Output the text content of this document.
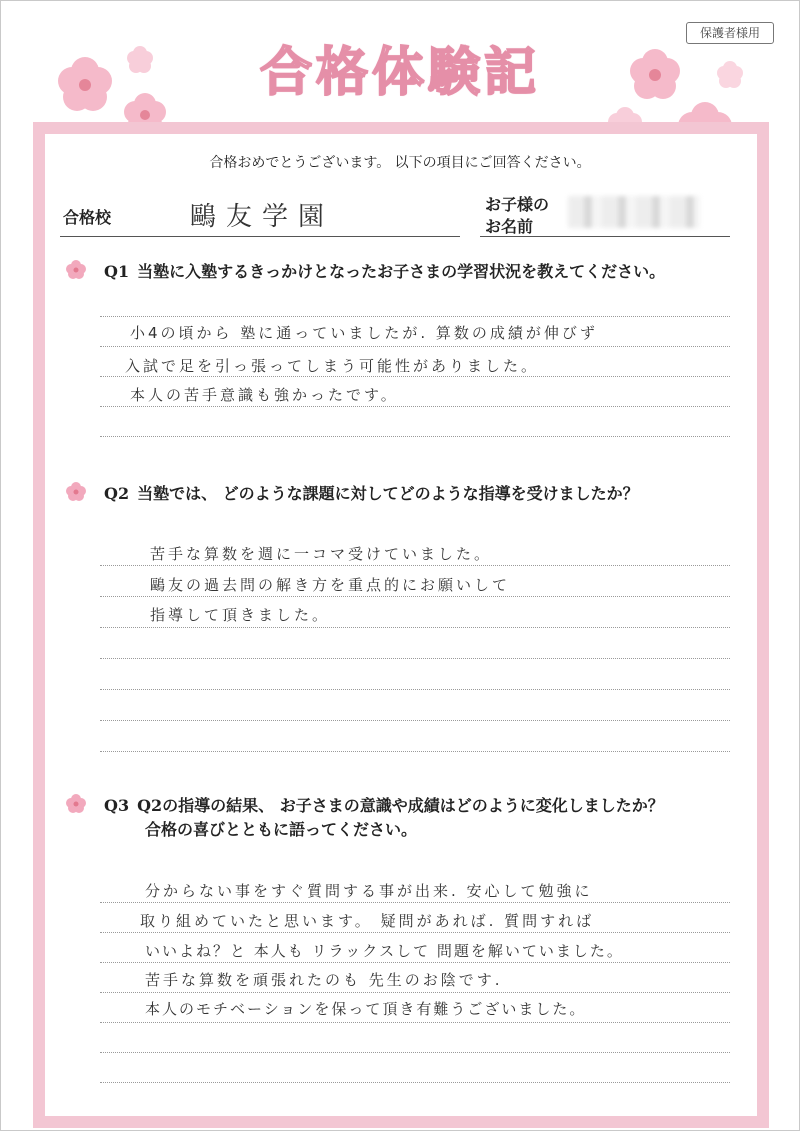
保護者様用
合格体験記
合格おめでとうございます。 以下の項目にご回答ください。
合格校	鷗友学園	お子様の
お名前
Q1 当塾に入塾するきっかけとなったお子さまの学習状況を教えてください。
小4の頃から 塾に通っていましたが. 算数の成績が伸びず
入試で足を引っ張ってしまう可能性がありました。
本人の苦手意識も強かったです。
Q2 当塾では、 どのような課題に対してどのような指導を受けましたか？
苦手な算数を週に一コマ受けていました。
鷗友の過去問の解き方を重点的にお願いして
指導して頂きました。
Q3 Q2の指導の結果、 お子さまの意識や成績はどのように変化しましたか？
合格の喜びとともに語ってください。
分からない事をすぐ質問する事が出来. 安心して勉強に
取り組めていたと思います。 疑問があれば. 質問すれば
いいよね？と 本人も リラックスして 問題を解いていました。
苦手な算数を頑張れたのも 先生のお陰です.
本人のモチベーションを保って頂き有難うございました。
